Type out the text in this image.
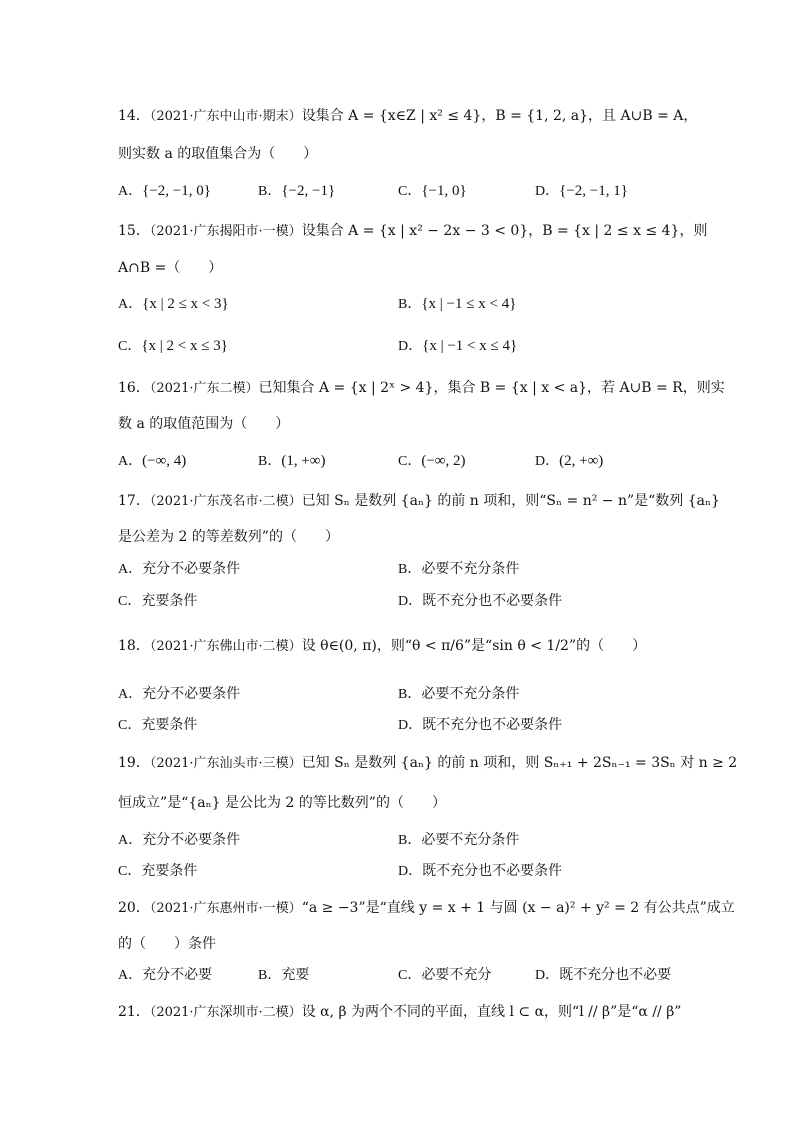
14．（2021·广东中山市·期末）设集合 A = {x∈Z | x² ≤ 4}，B = {1, 2, a}，且 A∪B = A，
则实数 a 的取值集合为（　　）
A．{−2, −1, 0}	B．{−2, −1}	C．{−1, 0}	D．{−2, −1, 1}
15．（2021·广东揭阳市·一模）设集合 A = {x | x² − 2x − 3 < 0}，B = {x | 2 ≤ x ≤ 4}，则
A∩B =（　　）
A．{x | 2 ≤ x < 3}	B．{x | −1 ≤ x < 4}
C．{x | 2 < x ≤ 3}	D．{x | −1 < x ≤ 4}
16．（2021·广东二模）已知集合 A = {x | 2ˣ > 4}，集合 B = {x | x < a}，若 A∪B = R，则实
数 a 的取值范围为（　　）
A．(−∞, 4)	B．(1, +∞)	C．(−∞, 2)	D．(2, +∞)
17．（2021·广东茂名市·二模）已知 Sₙ 是数列 {aₙ} 的前 n 项和，则“Sₙ = n² − n”是“数列 {aₙ}
是公差为 2 的等差数列”的（　　）
A．充分不必要条件	B．必要不充分条件
C．充要条件	D．既不充分也不必要条件
18．（2021·广东佛山市·二模）设 θ∈(0, π)，则“θ < π/6”是“sin θ < 1/2”的（　　）
A．充分不必要条件	B．必要不充分条件
C．充要条件	D．既不充分也不必要条件
19．（2021·广东汕头市·三模）已知 Sₙ 是数列 {aₙ} 的前 n 项和，则 Sₙ₊₁ + 2Sₙ₋₁ = 3Sₙ 对 n ≥ 2
恒成立”是“{aₙ} 是公比为 2 的等比数列”的（　　）
A．充分不必要条件	B．必要不充分条件
C．充要条件	D．既不充分也不必要条件
20．（2021·广东惠州市·一模）“a ≥ −3”是“直线 y = x + 1 与圆 (x − a)² + y² = 2 有公共点”成立
的（　　）条件
A．充分不必要	B．充要	C．必要不充分	D．既不充分也不必要
21．（2021·广东深圳市·二模）设 α, β 为两个不同的平面，直线 l ⊂ α，则“l // β”是“α // β”
